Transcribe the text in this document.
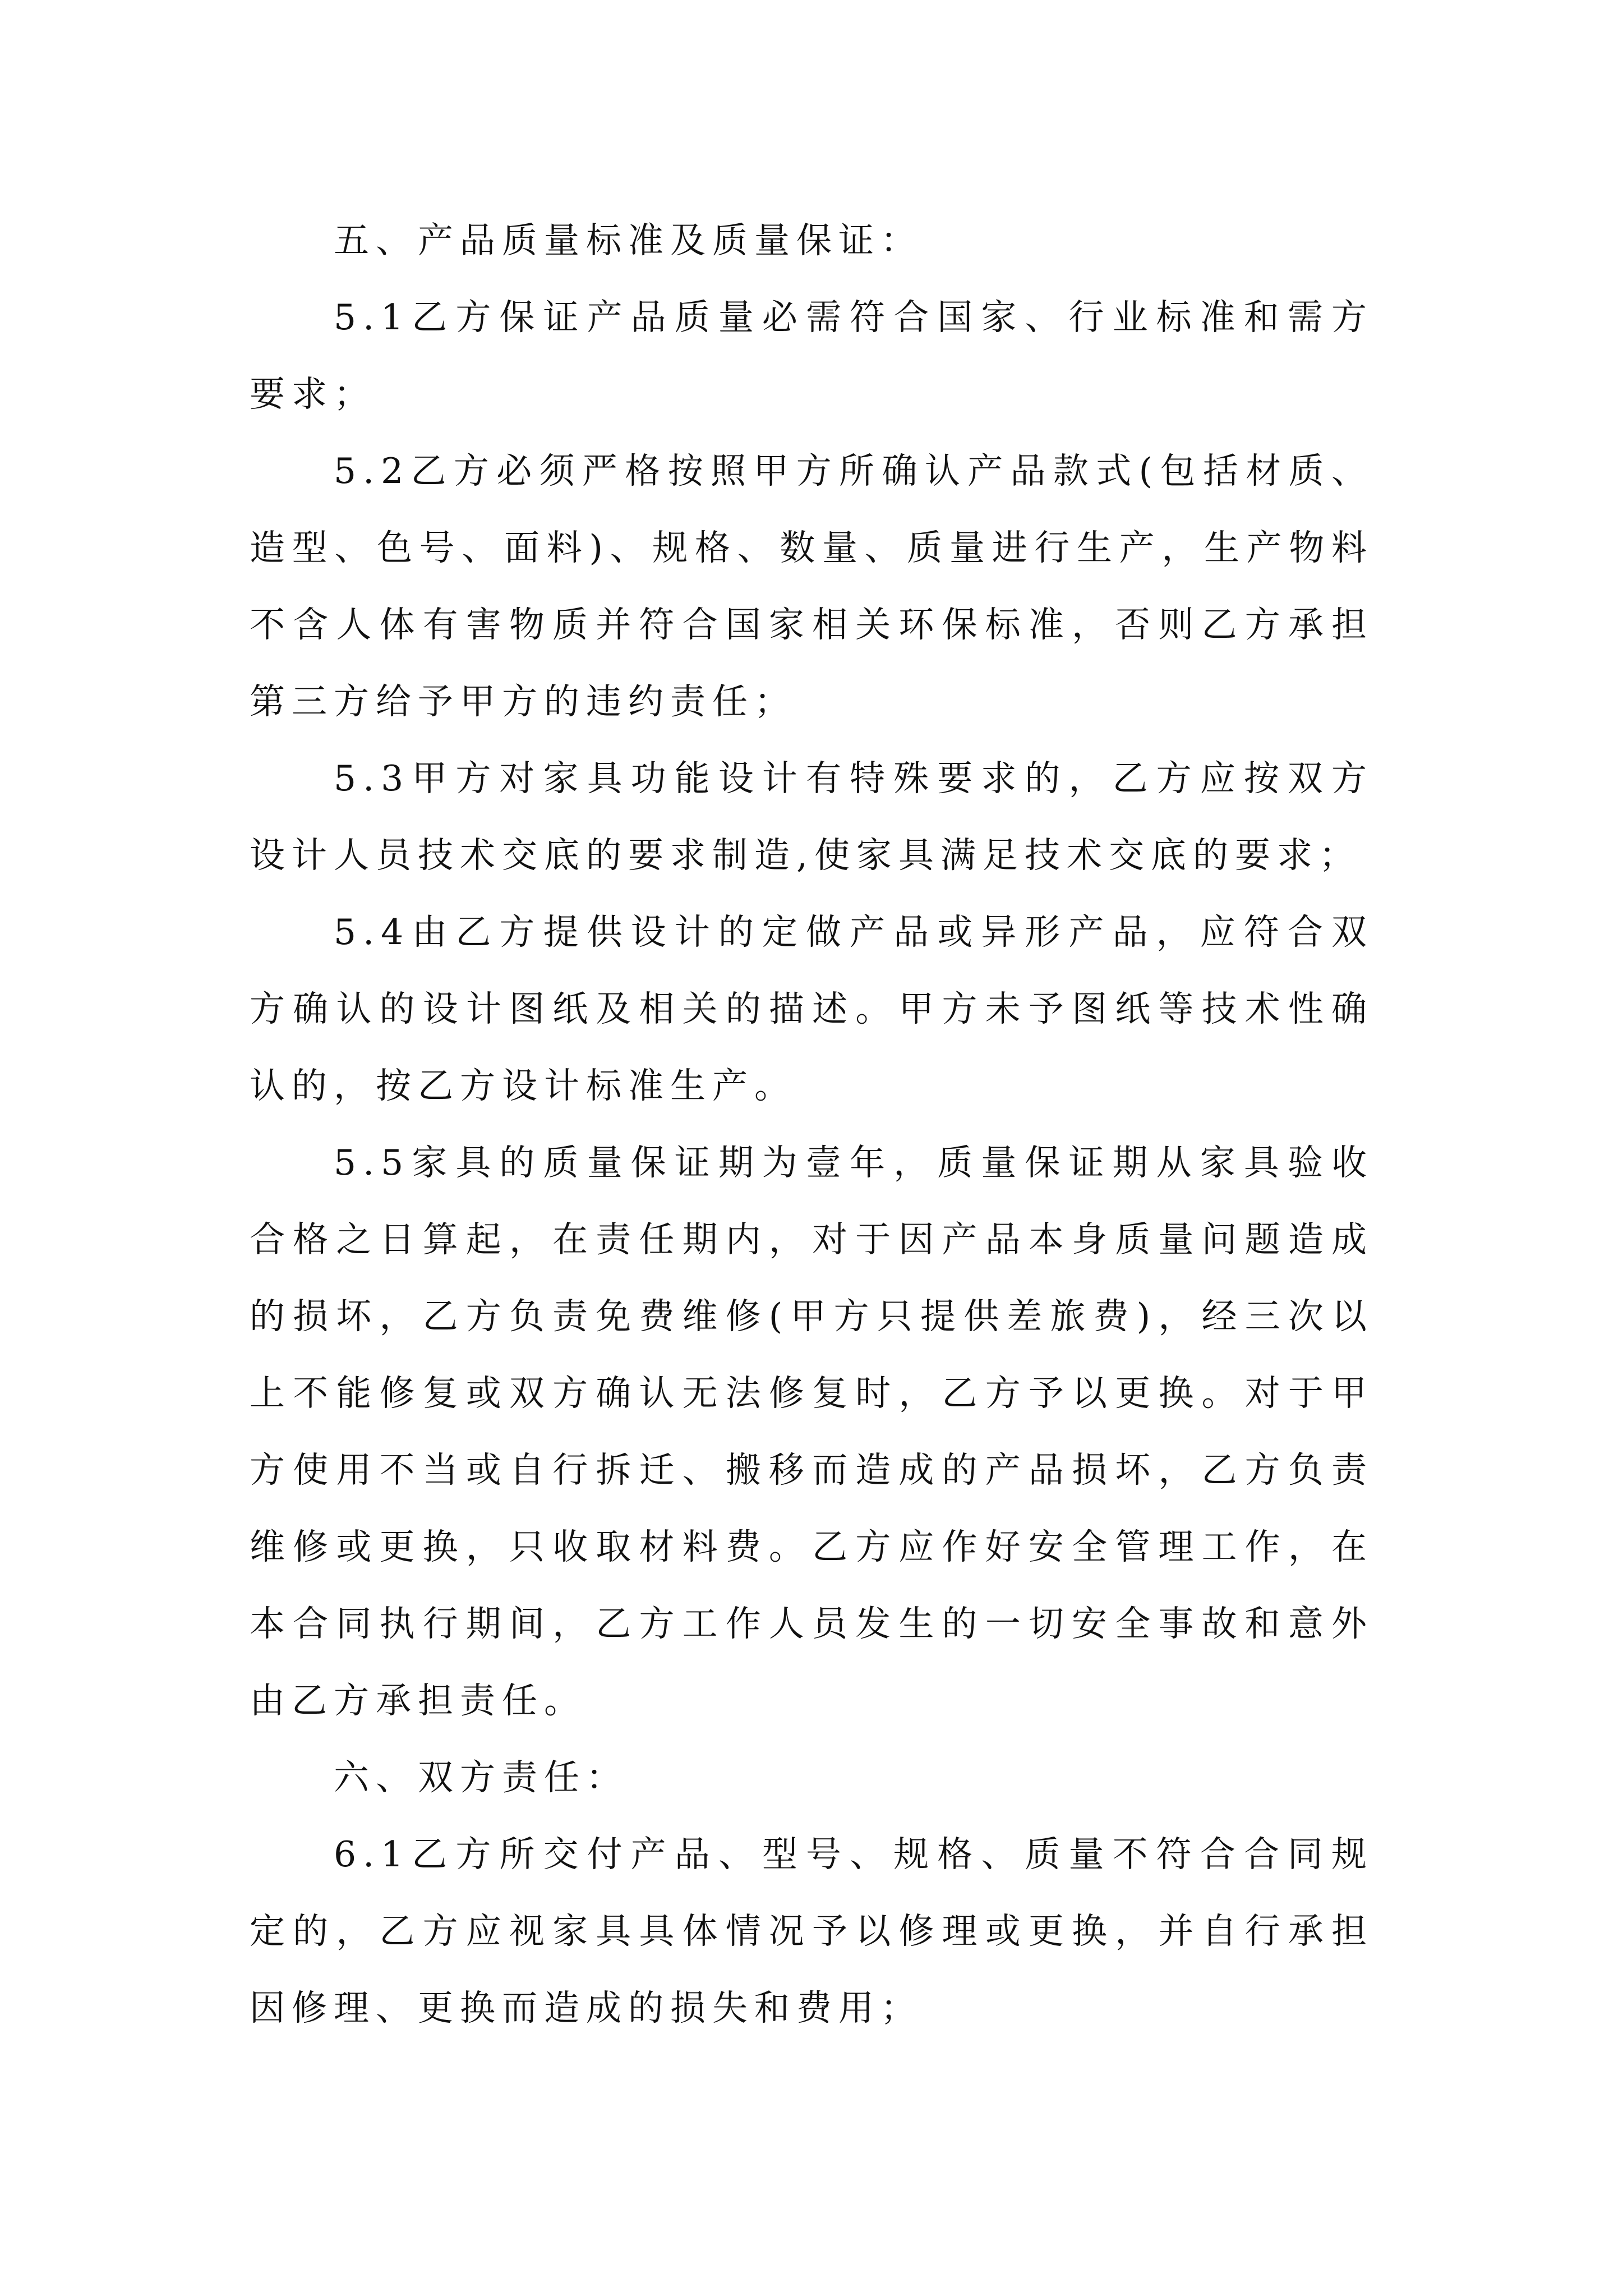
五、产品质量标准及质量保证：

5.1乙方保证产品质量必需符合国家、行业标准和需方要求；

5.2乙方必须严格按照甲方所确认产品款式(包括材质、造型、色号、面料)、规格、数量、质量进行生产，生产物料不含人体有害物质并符合国家相关环保标准，否则乙方承担第三方给予甲方的违约责任；

5.3甲方对家具功能设计有特殊要求的，乙方应按双方设计人员技术交底的要求制造,使家具满足技术交底的要求；

5.4由乙方提供设计的定做产品或异形产品，应符合双方确认的设计图纸及相关的描述。甲方未予图纸等技术性确认的，按乙方设计标准生产。

5.5家具的质量保证期为壹年，质量保证期从家具验收合格之日算起，在责任期内，对于因产品本身质量问题造成的损坏，乙方负责免费维修(甲方只提供差旅费)，经三次以上不能修复或双方确认无法修复时，乙方予以更换。对于甲方使用不当或自行拆迁、搬移而造成的产品损坏，乙方负责维修或更换，只收取材料费。乙方应作好安全管理工作，在本合同执行期间，乙方工作人员发生的一切安全事故和意外由乙方承担责任。

六、双方责任：

6.1乙方所交付产品、型号、规格、质量不符合合同规定的，乙方应视家具具体情况予以修理或更换，并自行承担因修理、更换而造成的损失和费用；
